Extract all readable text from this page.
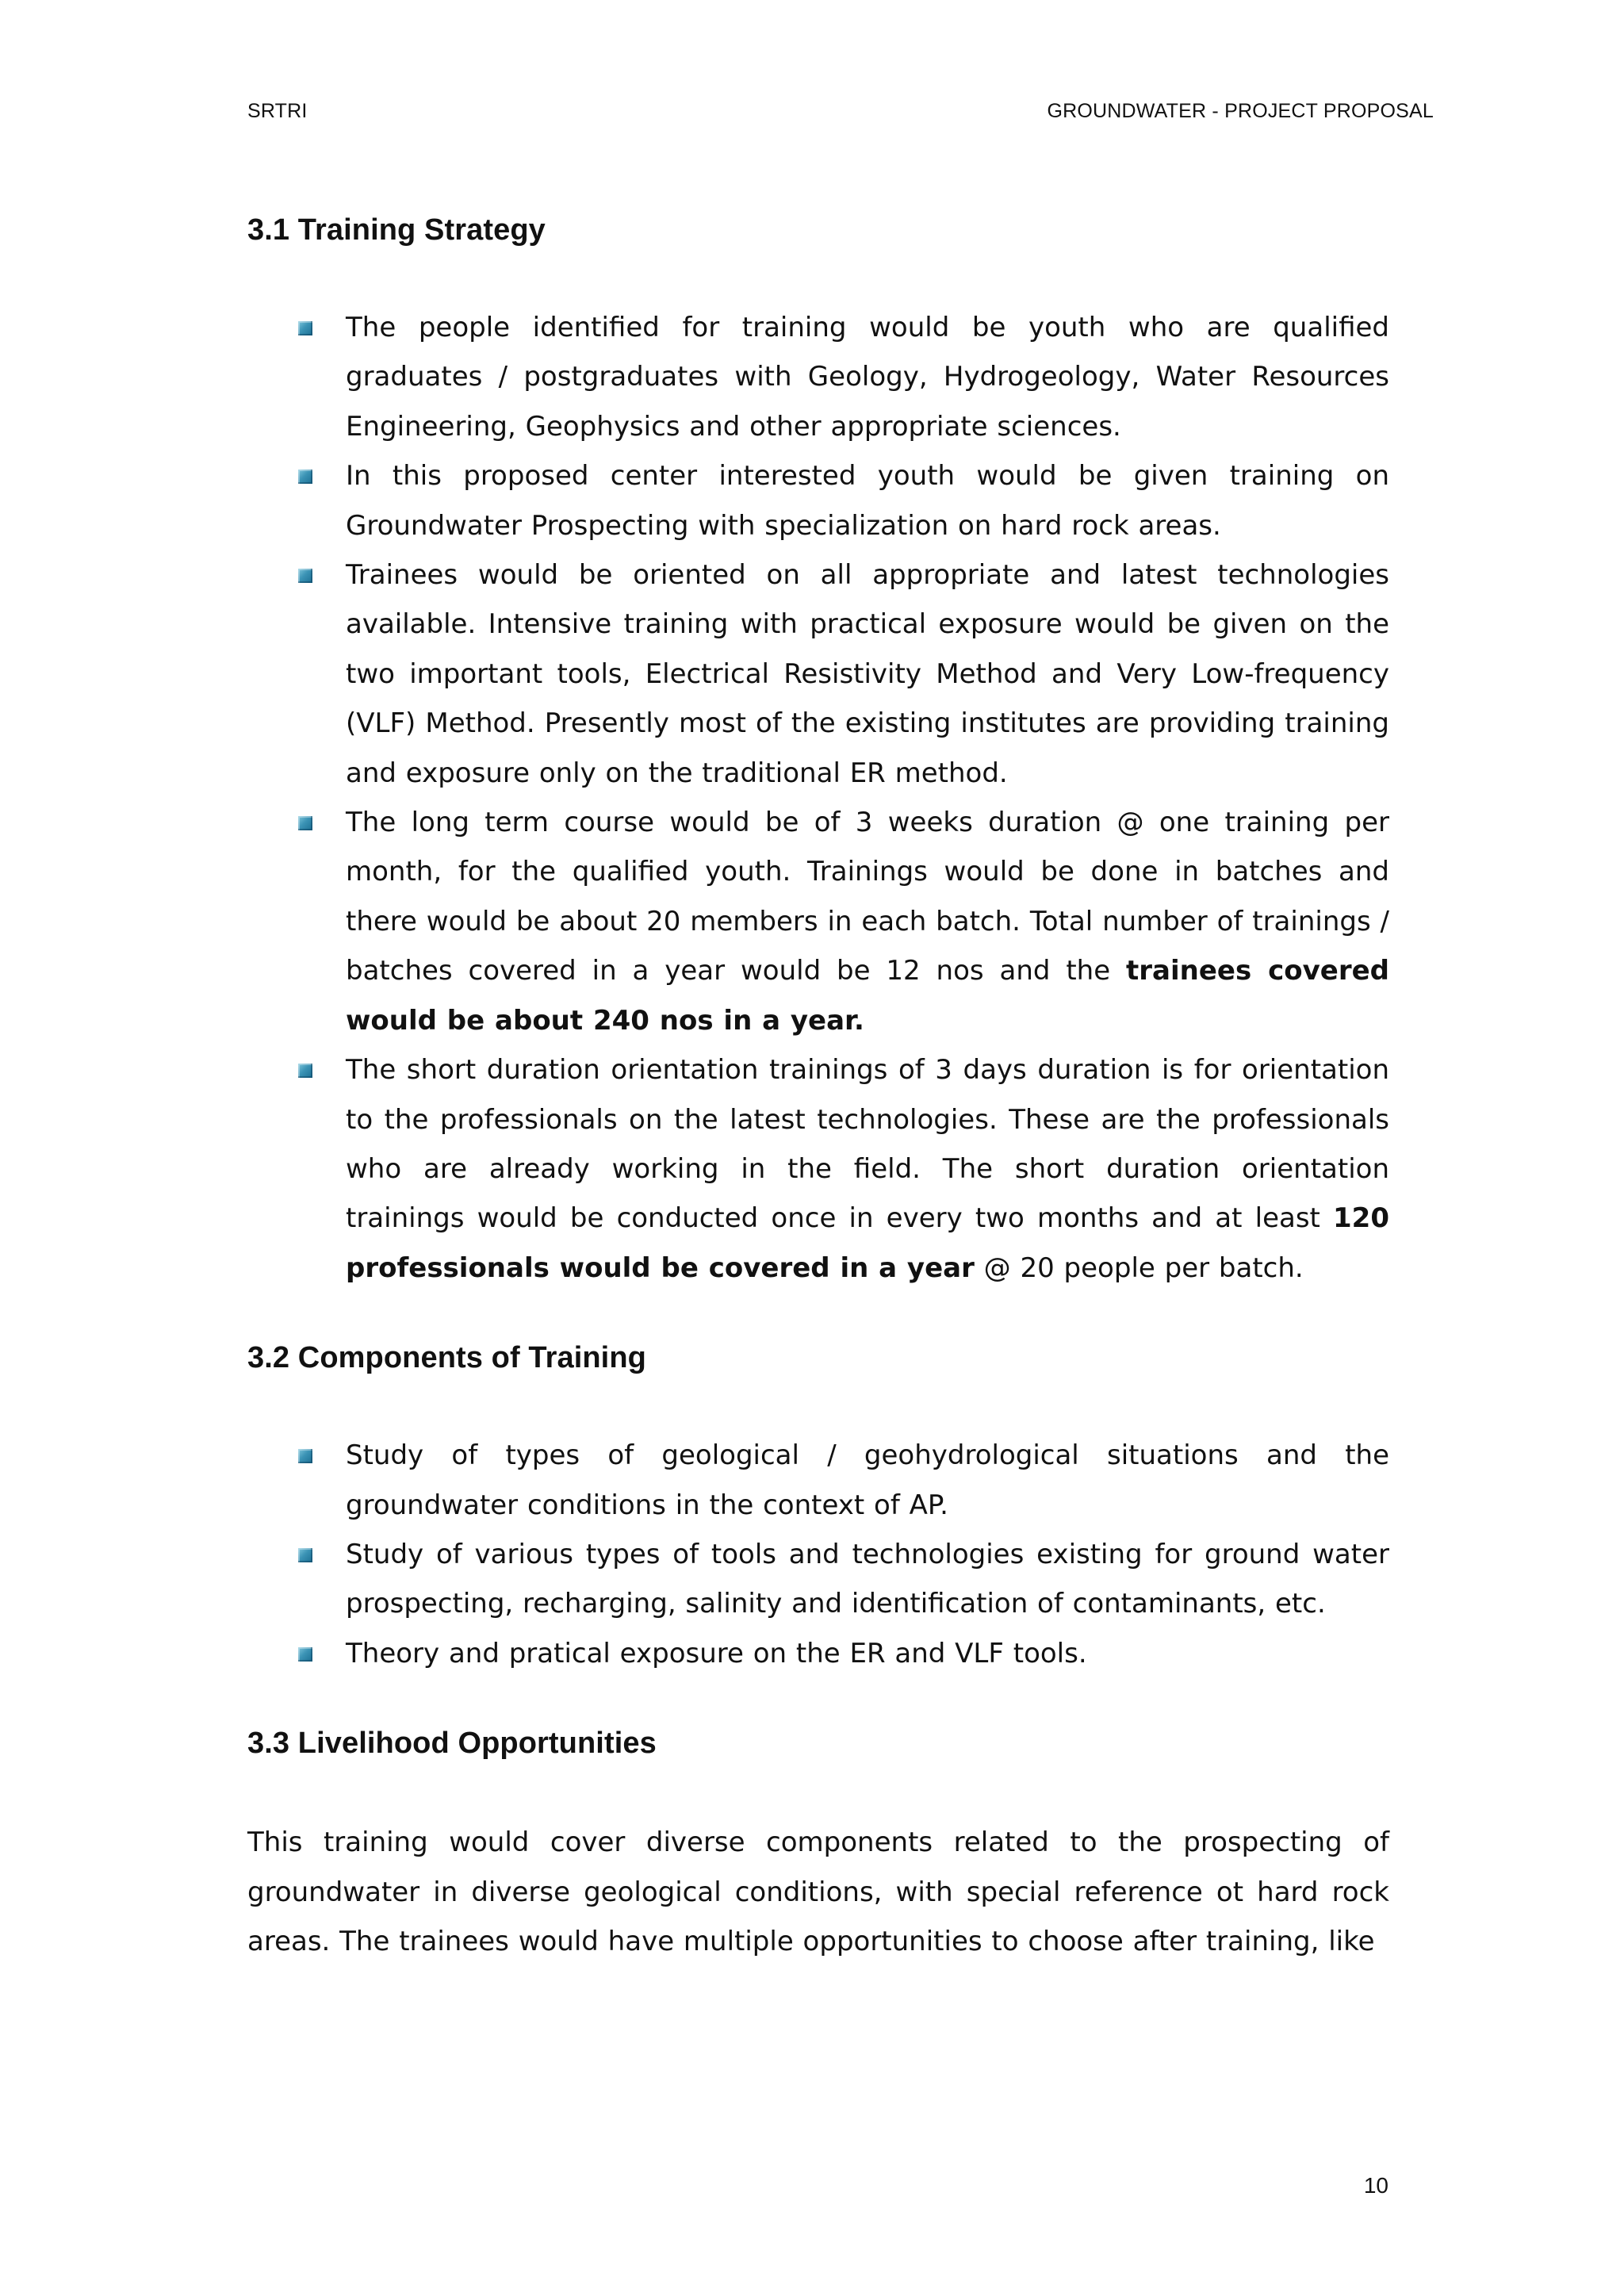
SRTRI	GROUNDWATER - PROJECT PROPOSAL
3.1 Training Strategy
The people identified for training would be youth who are qualified graduates / postgraduates with Geology, Hydrogeology, Water Resources Engineering, Geophysics and other appropriate sciences.
In this proposed center interested youth would be given training on Groundwater Prospecting with specialization on hard rock areas.
Trainees would be oriented on all appropriate and latest technologies available. Intensive training with practical exposure would be given on the two important tools, Electrical Resistivity Method and Very Low-frequency (VLF) Method. Presently most of the existing institutes are providing training and exposure only on the traditional ER method.
The long term course would be of 3 weeks duration @ one training per month, for the qualified youth. Trainings would be done in batches and there would be about 20 members in each batch. Total number of trainings / batches covered in a year would be 12 nos and the trainees covered would be about 240 nos in a year.
The short duration orientation trainings of 3 days duration is for orientation to the professionals on the latest technologies. These are the professionals who are already working in the field. The short duration orientation trainings would be conducted once in every two months and at least 120 professionals would be covered in a year @ 20 people per batch.
3.2 Components of Training
Study of types of geological / geohydrological situations and the groundwater conditions in the context of AP.
Study of various types of tools and technologies existing for ground water prospecting, recharging, salinity and identification of contaminants, etc.
Theory and pratical exposure on the ER and VLF tools.
3.3 Livelihood Opportunities

This training would cover diverse components related to the prospecting of groundwater in diverse geological conditions, with special reference ot hard rock areas. The trainees would have multiple opportunities to choose after training, like

10
